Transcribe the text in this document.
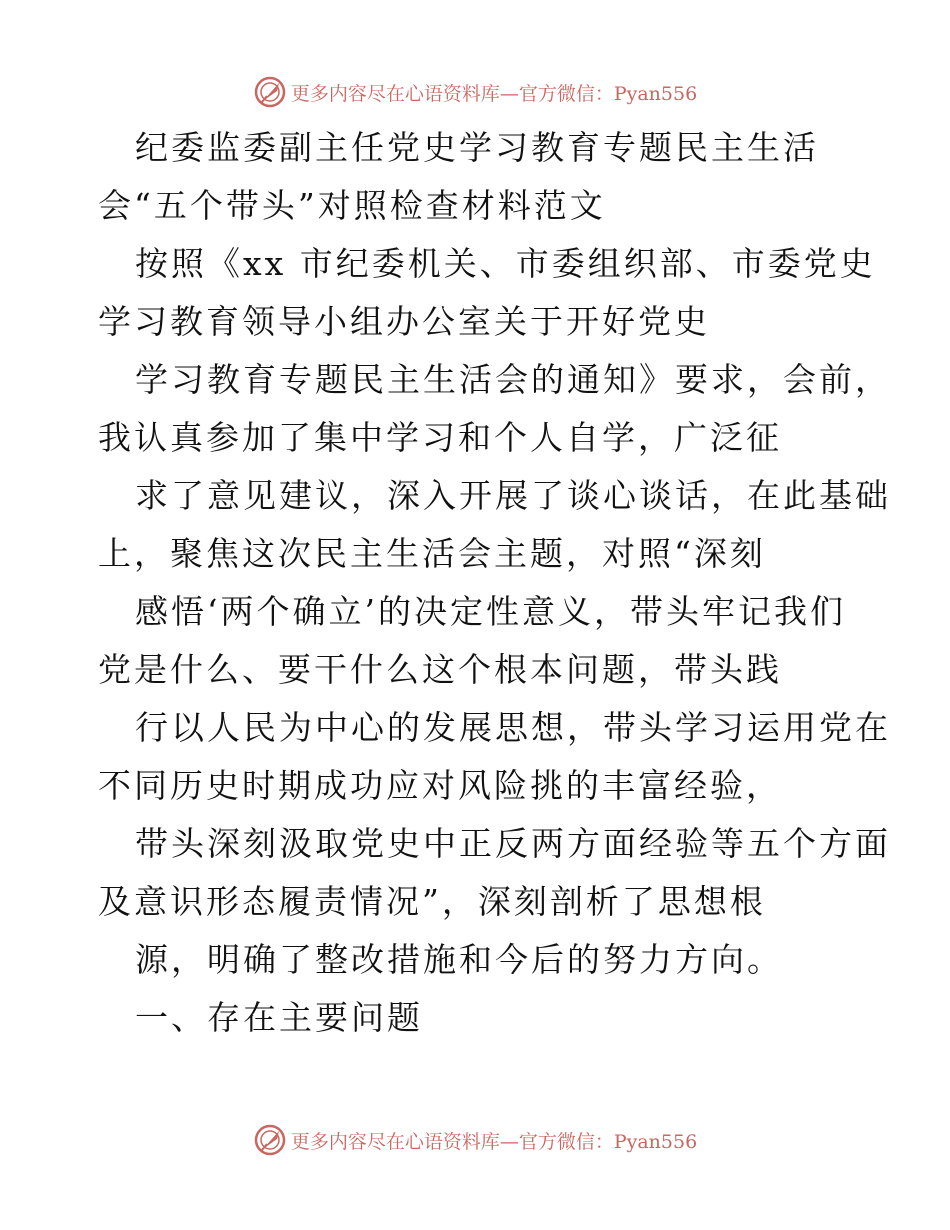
更多内容尽在心语资料库—官方微信：Pyan556
纪委监委副主任党史学习教育专题民主生活
会“五个带头”对照检查材料范文
按照《xx 市纪委机关、市委组织部、市委党史
学习教育领导小组办公室关于开好党史
学习教育专题民主生活会的通知》要求，会前，
我认真参加了集中学习和个人自学，广泛征
求了意见建议，深入开展了谈心谈话，在此基础
上，聚焦这次民主生活会主题，对照“深刻
感悟‘两个确立’的决定性意义，带头牢记我们
党是什么、要干什么这个根本问题，带头践
行以人民为中心的发展思想，带头学习运用党在
不同历史时期成功应对风险挑的丰富经验，
带头深刻汲取党史中正反两方面经验等五个方面
及意识形态履责情况”，深刻剖析了思想根
源，明确了整改措施和今后的努力方向。
一、存在主要问题
更多内容尽在心语资料库—官方微信：Pyan556
